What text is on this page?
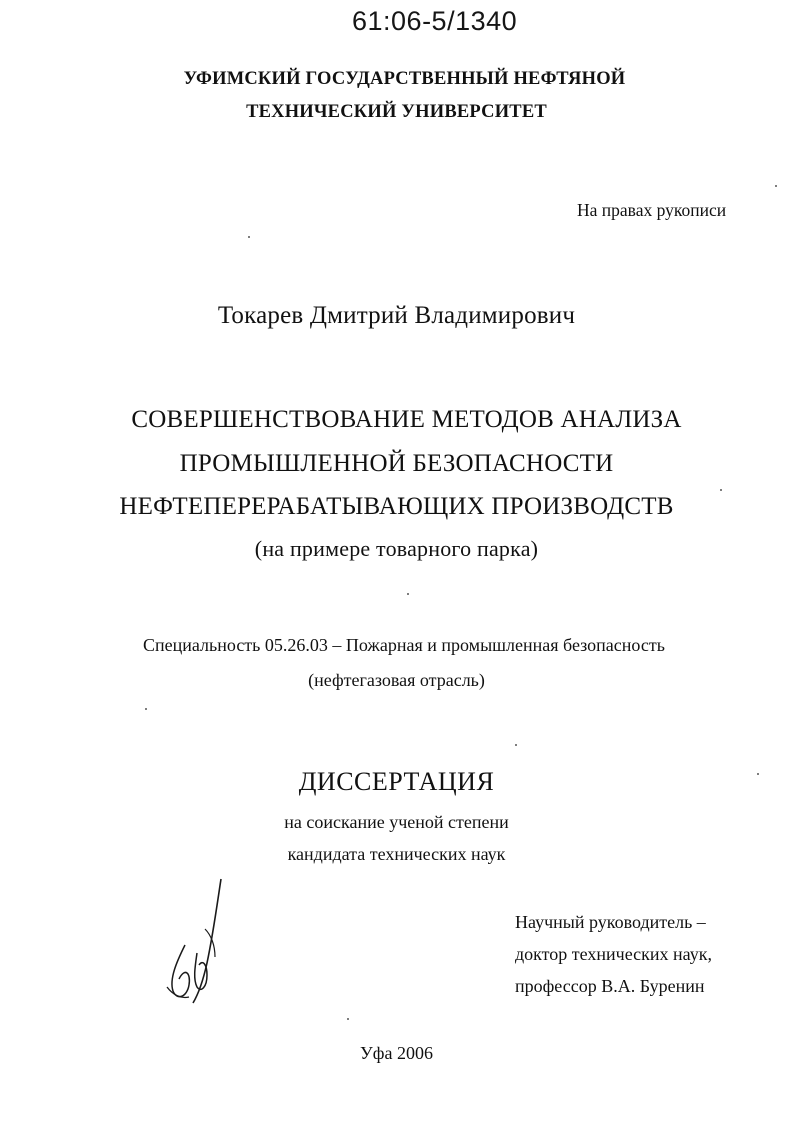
61:06-5/1340
УФИМСКИЙ ГОСУДАРСТВЕННЫЙ НЕФТЯНОЙ
ТЕХНИЧЕСКИЙ УНИВЕРСИТЕТ
На правах рукописи
Токарев Дмитрий Владимирович
СОВЕРШЕНСТВОВАНИЕ МЕТОДОВ АНАЛИЗА
ПРОМЫШЛЕННОЙ БЕЗОПАСНОСТИ
НЕФТЕПЕРЕРАБАТЫВАЮЩИХ ПРОИЗВОДСТВ
(на примере товарного парка)
Специальность 05.26.03 – Пожарная и промышленная безопасность
(нефтегазовая отрасль)
ДИССЕРТАЦИЯ
на соискание ученой степени
кандидата технических наук
Научный руководитель –
доктор технических наук,
профессор В.А. Буренин
Уфа 2006
